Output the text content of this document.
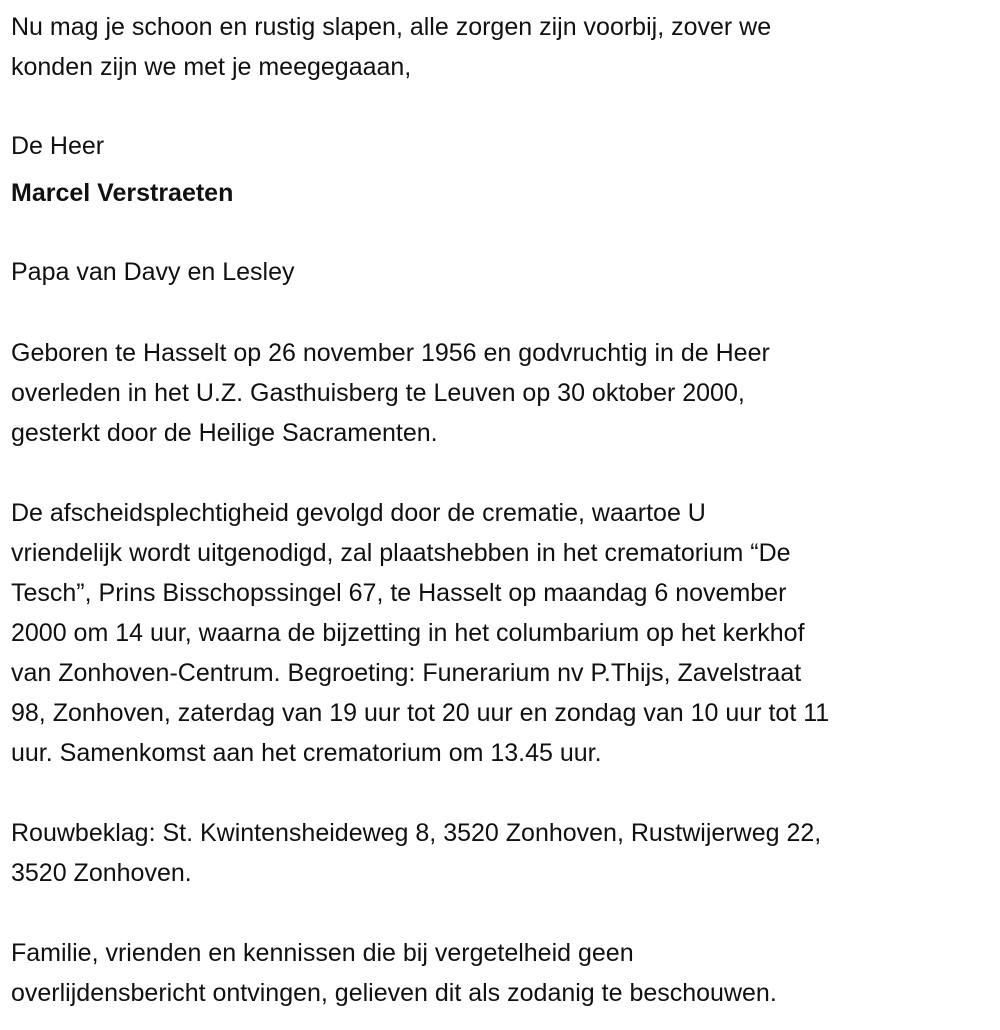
Nu mag je schoon en rustig slapen, alle zorgen zijn voorbij, zover we
konden zijn we met je meegegaaan,
De Heer
Marcel Verstraeten
Papa van Davy en Lesley
Geboren te Hasselt op 26 november 1956 en godvruchtig in de Heer
overleden in het U.Z. Gasthuisberg te Leuven op 30 oktober 2000,
gesterkt door de Heilige Sacramenten.
De afscheidsplechtigheid gevolgd door de crematie, waartoe U
vriendelijk wordt uitgenodigd, zal plaatshebben in het crematorium “De
Tesch”, Prins Bisschopssingel 67, te Hasselt op maandag 6 november
2000 om 14 uur, waarna de bijzetting in het columbarium op het kerkhof
van Zonhoven-Centrum. Begroeting: Funerarium nv P.Thijs, Zavelstraat
98, Zonhoven, zaterdag van 19 uur tot 20 uur en zondag van 10 uur tot 11
uur. Samenkomst aan het crematorium om 13.45 uur.
Rouwbeklag: St. Kwintensheideweg 8, 3520 Zonhoven, Rustwijerweg 22,
3520 Zonhoven.
Familie, vrienden en kennissen die bij vergetelheid geen
overlijdensbericht ontvingen, gelieven dit als zodanig te beschouwen.
